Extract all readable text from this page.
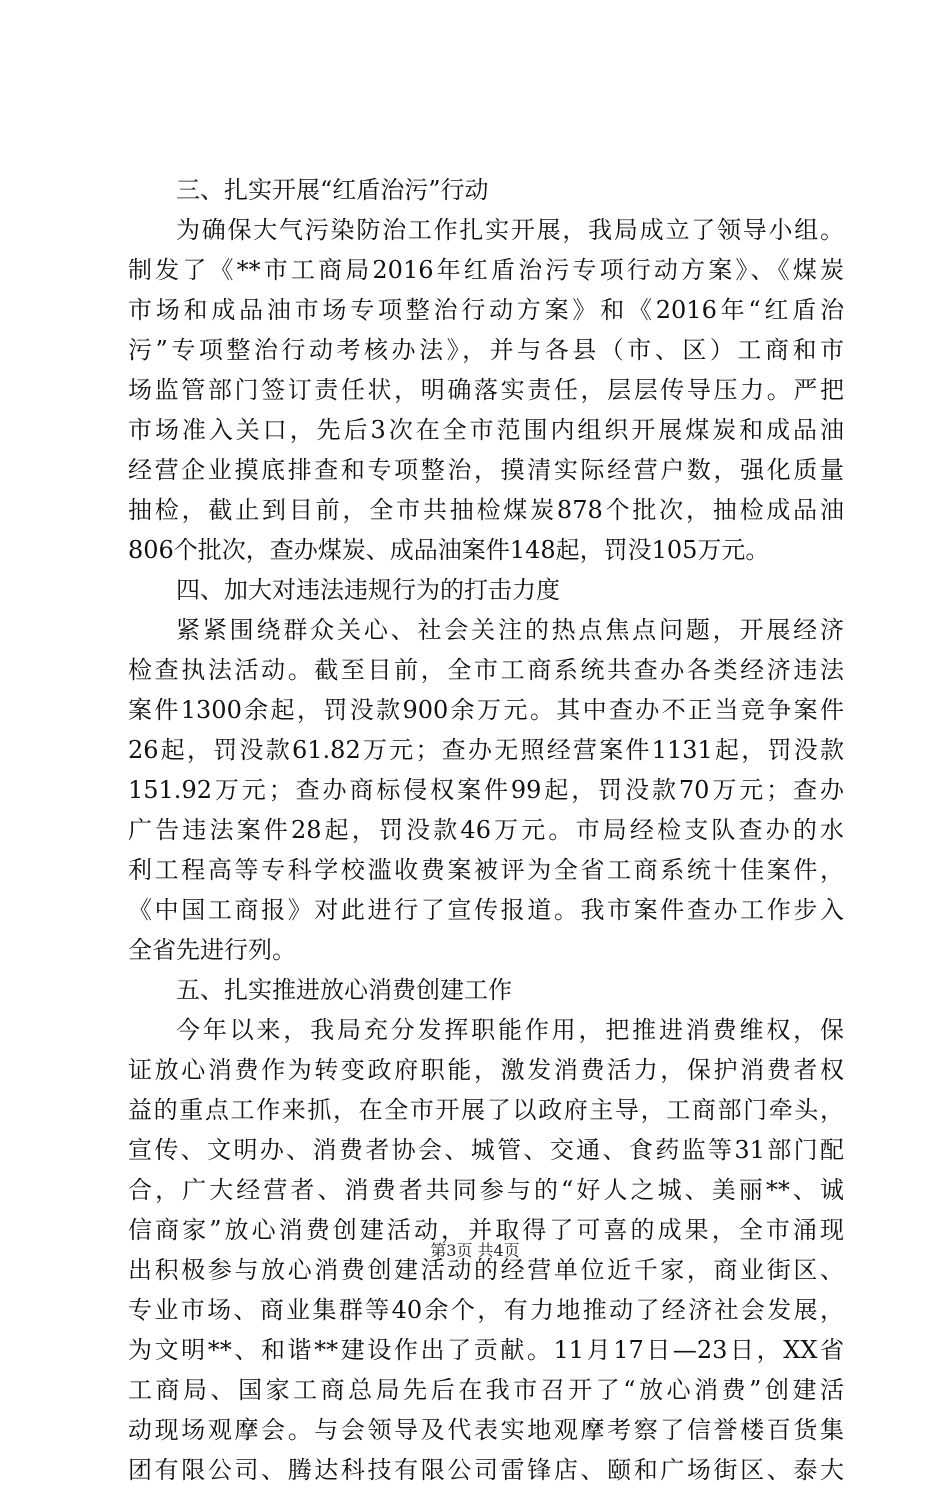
三、扎实开展“红盾治污”行动
为确保大气污染防治工作扎实开展，我局成立了领导小组。
制发了《**市工商局2016年红盾治污专项行动方案》、《煤炭
市场和成品油市场专项整治行动方案》和《2016年“红盾治
污”专项整治行动考核办法》，并与各县（市、区）工商和市
场监管部门签订责任状，明确落实责任，层层传导压力。严把
市场准入关口，先后3次在全市范围内组织开展煤炭和成品油
经营企业摸底排查和专项整治，摸清实际经营户数，强化质量
抽检，截止到目前，全市共抽检煤炭878个批次，抽检成品油
806个批次，查办煤炭、成品油案件148起，罚没105万元。
四、加大对违法违规行为的打击力度
紧紧围绕群众关心、社会关注的热点焦点问题，开展经济
检查执法活动。截至目前，全市工商系统共查办各类经济违法
案件1300余起，罚没款900余万元。其中查办不正当竞争案件
26起，罚没款61.82万元；查办无照经营案件1131起，罚没款
151.92万元；查办商标侵权案件99起，罚没款70万元；查办
广告违法案件28起，罚没款46万元。市局经检支队查办的水
利工程高等专科学校滥收费案被评为全省工商系统十佳案件，
《中国工商报》对此进行了宣传报道。我市案件查办工作步入
全省先进行列。
五、扎实推进放心消费创建工作
今年以来，我局充分发挥职能作用，把推进消费维权，保
证放心消费作为转变政府职能，激发消费活力，保护消费者权
益的重点工作来抓，在全市开展了以政府主导，工商部门牵头，
宣传、文明办、消费者协会、城管、交通、食药监等31部门配
合，广大经营者、消费者共同参与的“好人之城、美丽**、诚
信商家”放心消费创建活动，并取得了可喜的成果，全市涌现
出积极参与放心消费创建活动的经营单位近千家，商业街区、
专业市场、商业集群等40余个，有力地推动了经济社会发展，
为文明**、和谐**建设作出了贡献。11月17日—23日，XX省
工商局、国家工商总局先后在我市召开了“放心消费”创建活
动现场观摩会。与会领导及代表实地观摩考察了信誉楼百货集
团有限公司、腾达科技有限公司雷锋店、颐和广场街区、泰大
第3页 共4页
